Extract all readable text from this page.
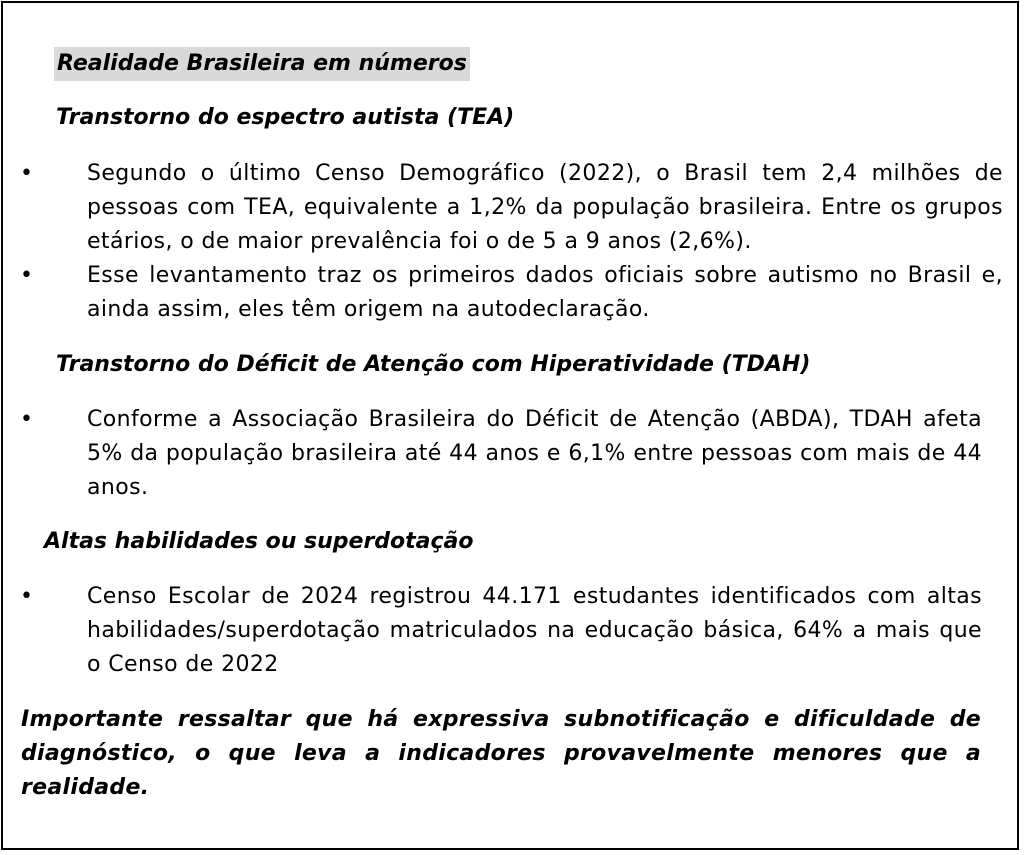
Realidade Brasileira em números
Transtorno do espectro autista (TEA)
• Segundo o último Censo Demográfico (2022), o Brasil tem 2,4 milhões de pessoas com TEA, equivalente a 1,2% da população brasileira. Entre os grupos etários, o de maior prevalência foi o de 5 a 9 anos (2,6%).

• Esse levantamento traz os primeiros dados oficiais sobre autismo no Brasil e, ainda assim, eles têm origem na autodeclaração.

Transtorno do Déficit de Atenção com Hiperatividade (TDAH)
• Conforme a Associação Brasileira do Déficit de Atenção (ABDA), TDAH afeta 5% da população brasileira até 44 anos e 6,1% entre pessoas com mais de 44 anos.

Altas habilidades ou superdotação
• Censo Escolar de 2024 registrou 44.171 estudantes identificados com altas habilidades/superdotação matriculados na educação básica, 64% a mais que o Censo de 2022

Importante ressaltar que há expressiva subnotificação e dificuldade de diagnóstico, o que leva a indicadores provavelmente menores que a realidade.
